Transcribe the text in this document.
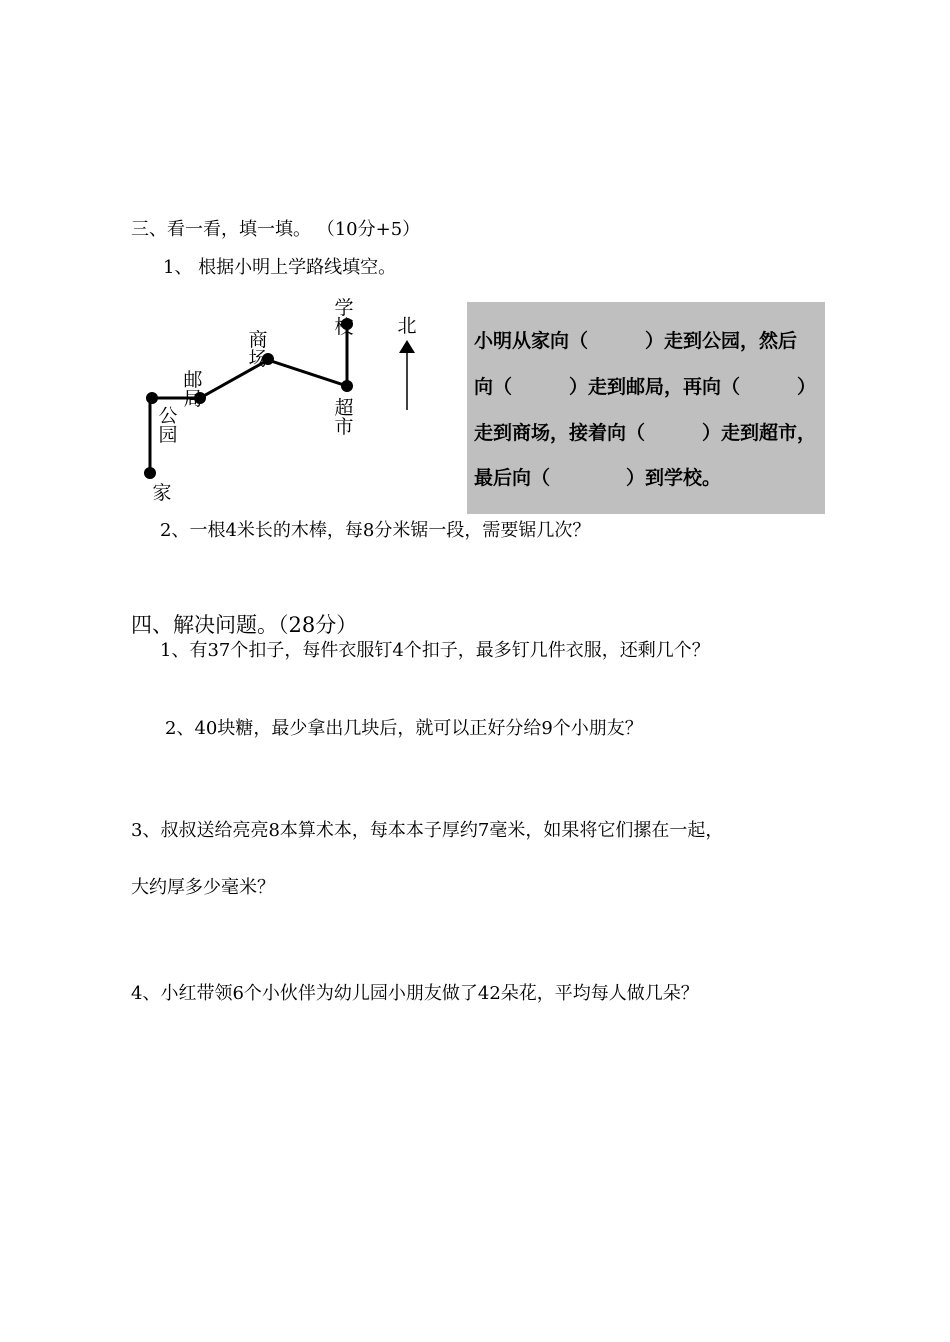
三、看一看，填一填。 （10分+5）
1、 根据小明上学路线填空。
学
校
商
场
邮
局
公
园
家
超
市
北
小明从家向（　　　）走到公园，然后
向（　　　）走到邮局，再向（　　　）
走到商场，接着向（　　　）走到超市，
最后向（　　　　）到学校。
2、一根4米长的木棒，每8分米锯一段，需要锯几次？
四、解决问题。（28分）
1、有37个扣子，每件衣服钉4个扣子，最多钉几件衣服，还剩几个？
2、40块糖，最少拿出几块后，就可以正好分给9个小朋友？
3、叔叔送给亮亮8本算术本，每本本子厚约7毫米，如果将它们摞在一起，
大约厚多少毫米？
4、小红带领6个小伙伴为幼儿园小朋友做了42朵花，平均每人做几朵？
